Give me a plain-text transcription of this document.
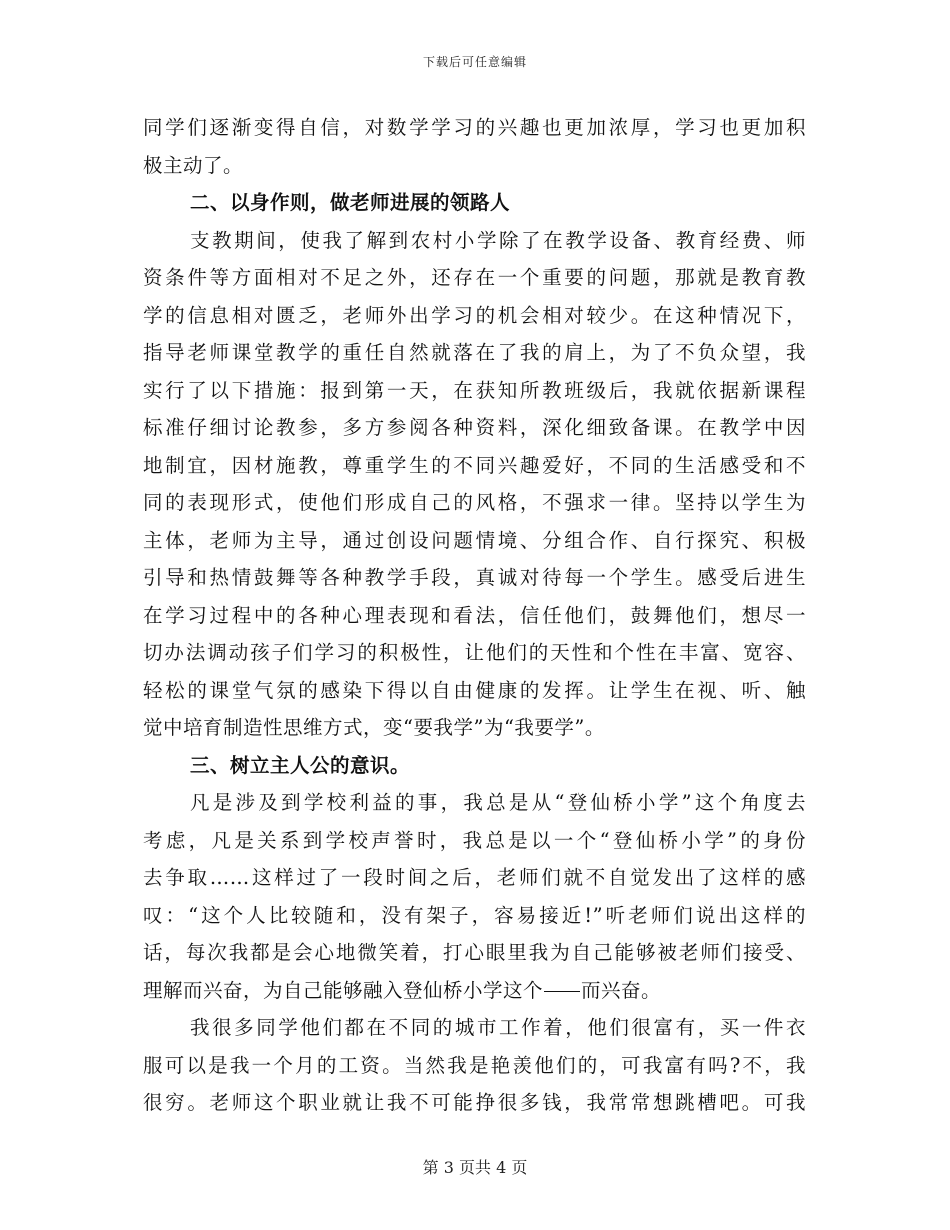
下载后可任意编辑
同学们逐渐变得自信，对数学学习的兴趣也更加浓厚，学习也更加积
极主动了。
二、以身作则，做老师进展的领路人
支教期间，使我了解到农村小学除了在教学设备、教育经费、师
资条件等方面相对不足之外，还存在一个重要的问题，那就是教育教
学的信息相对匮乏，老师外出学习的机会相对较少。在这种情况下，
指导老师课堂教学的重任自然就落在了我的肩上，为了不负众望，我
实行了以下措施：报到第一天，在获知所教班级后，我就依据新课程
标准仔细讨论教参，多方参阅各种资料，深化细致备课。在教学中因
地制宜，因材施教，尊重学生的不同兴趣爱好，不同的生活感受和不
同的表现形式，使他们形成自己的风格，不强求一律。坚持以学生为
主体，老师为主导，通过创设问题情境、分组合作、自行探究、积极
引导和热情鼓舞等各种教学手段，真诚对待每一个学生。感受后进生
在学习过程中的各种心理表现和看法，信任他们，鼓舞他们，想尽一
切办法调动孩子们学习的积极性，让他们的天性和个性在丰富、宽容、
轻松的课堂气氛的感染下得以自由健康的发挥。让学生在视、听、触
觉中培育制造性思维方式，变“要我学”为“我要学”。
三、树立主人公的意识。
凡是涉及到学校利益的事，我总是从“登仙桥小学”这个角度去
考虑，凡是关系到学校声誉时，我总是以一个“登仙桥小学”的身份
去争取……这样过了一段时间之后，老师们就不自觉发出了这样的感
叹：“这个人比较随和，没有架子，容易接近!”听老师们说出这样的
话，每次我都是会心地微笑着，打心眼里我为自己能够被老师们接受、
理解而兴奋，为自己能够融入登仙桥小学这个 而兴奋。
我很多同学他们都在不同的城市工作着，他们很富有，买一件衣
服可以是我一个月的工资。当然我是艳羡他们的，可我富有吗?不，我
很穷。老师这个职业就让我不可能挣很多钱，我常常想跳槽吧。可我
第 3 页共 4 页
